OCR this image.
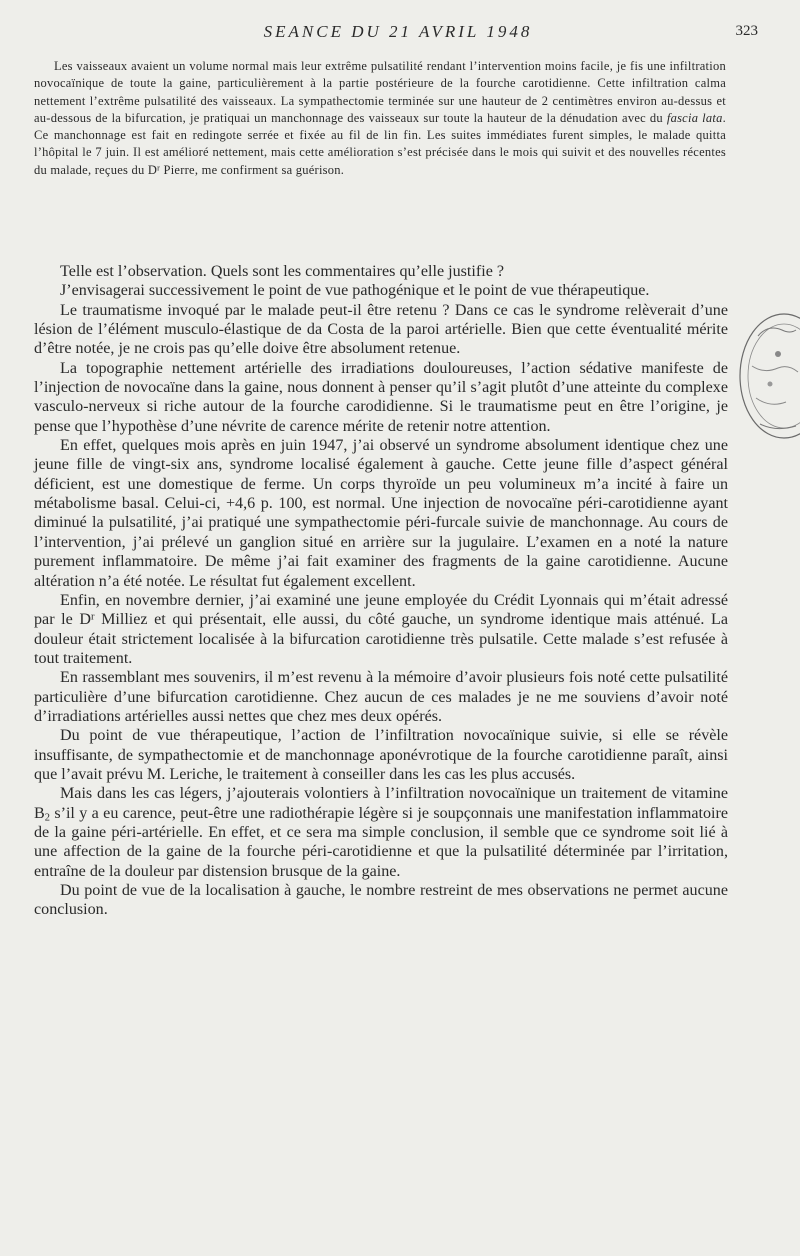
SEANCE DU 21 AVRIL 1948	323

Les vaisseaux avaient un volume normal mais leur extrême pulsatilité rendant l’intervention moins facile, je fis une infiltration novocaïnique de toute la gaine, particulièrement à la partie postérieure de la fourche carotidienne. Cette infiltration calma nettement l’extrême pulsatilité des vaisseaux. La sympathectomie terminée sur une hauteur de 2 centimètres environ au-dessus et au-dessous de la bifurcation, je pratiquai un manchonnage des vaisseaux sur toute la hauteur de la dénudation avec du fascia lata. Ce manchonnage est fait en redingote serrée et fixée au fil de lin fin. Les suites immédiates furent simples, le malade quitta l’hôpital le 7 juin. Il est amélioré nettement, mais cette amélioration s’est précisée dans le mois qui suivit et des nouvelles récentes du malade, reçues du $D^r$ Pierre, me confirment sa guérison.

Telle est l’observation. Quels sont les commentaires qu’elle justifie ?

J’envisagerai successivement le point de vue pathogénique et le point de vue thérapeutique.

Le traumatisme invoqué par le malade peut-il être retenu ? Dans ce cas le syndrome relèverait d’une lésion de l’élément musculo-élastique de da Costa de la paroi artérielle. Bien que cette éventualité mérite d’être notée, je ne crois pas qu’elle doive être absolument retenue.

La topographie nettement artérielle des irradiations douloureuses, l’action sédative manifeste de l’injection de novocaïne dans la gaine, nous donnent à penser qu’il s’agit plutôt d’une atteinte du complexe vasculo-nerveux si riche autour de la fourche carodidienne. Si le traumatisme peut en être l’origine, je pense que l’hypothèse d’une névrite de carence mérite de retenir notre attention.

En effet, quelques mois après en juin 1947, j’ai observé un syndrome absolument identique chez une jeune fille de vingt-six ans, syndrome localisé également à gauche. Cette jeune fille d’aspect général déficient, est une domestique de ferme. Un corps thyroïde un peu volumineux m’a incité à faire un métabolisme basal. Celui-ci, +4,6 p. 100, est normal. Une injection de novocaïne péri-carotidienne ayant diminué la pulsatilité, j’ai pratiqué une sympathectomie péri-furcale suivie de manchonnage. Au cours de l’intervention, j’ai prélevé un ganglion situé en arrière sur la jugulaire. L’examen en a noté la nature purement inflammatoire. De même j’ai fait examiner des fragments de la gaine carotidienne. Aucune altération n’a été notée. Le résultat fut également excellent.

Enfin, en novembre dernier, j’ai examiné une jeune employée du Crédit Lyonnais qui m’était adressé par le $D^r$ Milliez et qui présentait, elle aussi, du côté gauche, un syndrome identique mais atténué. La douleur était strictement localisée à la bifurcation carotidienne très pulsatile. Cette malade s’est refusée à tout traitement.

En rassemblant mes souvenirs, il m’est revenu à la mémoire d’avoir plusieurs fois noté cette pulsatilité particulière d’une bifurcation carotidienne. Chez aucun de ces malades je ne me souviens d’avoir noté d’irradiations artérielles aussi nettes que chez mes deux opérés.

Du point de vue thérapeutique, l’action de l’infiltration novocaïnique suivie, si elle se révèle insuffisante, de sympathectomie et de manchonnage aponévrotique de la fourche carotidienne paraît, ainsi que l’avait prévu M. Leriche, le traitement à conseiller dans les cas les plus accusés.

Mais dans les cas légers, j’ajouterais volontiers à l’infiltration novocaïnique un traitement de vitamine $B_2$ s’il y a eu carence, peut-être une radiothérapie légère si je soupçonnais une manifestation inflammatoire de la gaine péri-artérielle. En effet, et ce sera ma simple conclusion, il semble que ce syndrome soit lié à une affection de la gaine de la fourche péri-carotidienne et que la pulsatilité déterminée par l’irritation, entraîne de la douleur par distension brusque de la gaine.

Du point de vue de la localisation à gauche, le nombre restreint de mes observations ne permet aucune conclusion.
